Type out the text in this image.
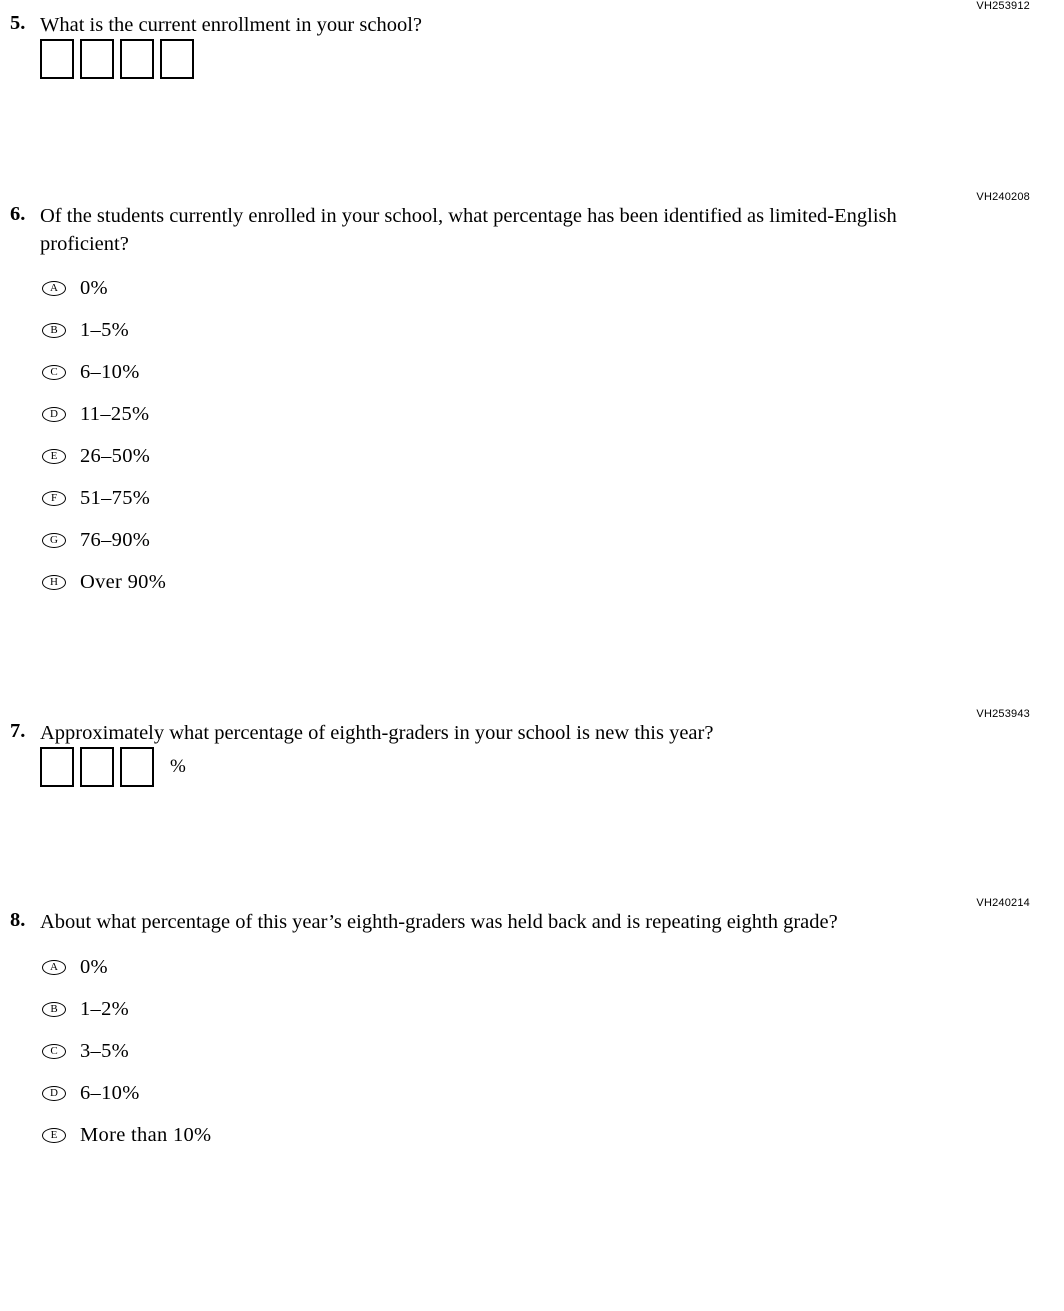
VH253912
5. What is the current enrollment in your school?
VH240208
6. Of the students currently enrolled in your school, what percentage has been identified as limited-English proficient?
A	0%
B	1–5%
C	6–10%
D	11–25%
E	26–50%
F	51–75%
G	76–90%
H	Over 90%
VH253943
7. Approximately what percentage of eighth-graders in your school is new this year?
%
VH240214
8. About what percentage of this year’s eighth-graders was held back and is repeating eighth grade?
A	0%
B	1–2%
C	3–5%
D	6–10%
E	More than 10%
